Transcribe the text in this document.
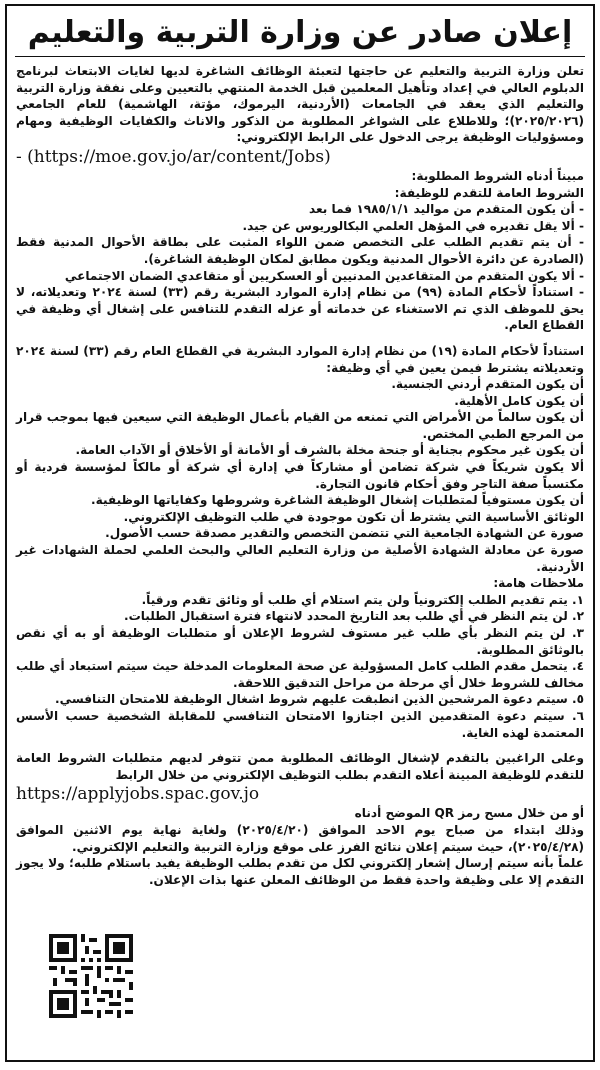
إعلان صادر عن وزارة التربية والتعليم

تعلن وزارة التربية والتعليم عن حاجتها لتعبئة الوظائف الشاغرة لديها لغايات الابتعاث لبرنامج الدبلوم العالي في إعداد وتأهيل المعلمين قبل الخدمة المنتهي بالتعيين وعلى نفقة وزارة التربية والتعليم الذي يعقد في الجامعات (الأردنية، اليرموك، مؤتة، الهاشمية) للعام الجامعي (٢٠٢٥/٢٠٢٦)؛ وللاطلاع على الشواغر المطلوبة من الذكور والاناث والكفايات الوظيفية ومهام ومسؤوليات الوظيفة يرجى الدخول على الرابط الإلكتروني:

- (https://moe.gov.jo/ar/content/Jobs)

مبيناً أدناه الشروط المطلوبة:

الشروط العامة للتقدم للوظيفة:

- أن يكون المتقدم من مواليد ١٩٨٥/١/١ فما بعد

- ألا يقل تقديره في المؤهل العلمي البكالوريوس عن جيد.

- أن يتم تقديم الطلب على التخصص ضمن اللواء المثبت على بطاقة الأحوال المدنية فقط (الصادرة عن دائرة الأحوال المدنية ويكون مطابق لمكان الوظيفة الشاغرة).

- ألا يكون المتقدم من المتقاعدين المدنيين أو العسكريين أو متقاعدي الضمان الاجتماعي

- استناداً لأحكام المادة (٩٩) من نظام إدارة الموارد البشرية رقم (٣٣) لسنة ٢٠٢٤ وتعديلاته، لا يحق للموظف الذي تم الاستغناء عن خدماته أو عزله التقدم للتنافس على إشغال أي وظيفة في القطاع العام.

استناداً لأحكام المادة (١٩) من نظام إدارة الموارد البشرية في القطاع العام رقم (٣٣) لسنة ٢٠٢٤ وتعديلاته يشترط فيمن يعين في أي وظيفة:

أن يكون المتقدم أردني الجنسية.

أن يكون كامل الأهلية.

أن يكون سالماً من الأمراض التي تمنعه من القيام بأعمال الوظيفة التي سيعين فيها بموجب قرار من المرجع الطبي المختص.

أن يكون غير محكوم بجناية أو جنحة مخلة بالشرف أو الأمانة أو الأخلاق أو الآداب العامة.

ألا يكون شريكاً في شركة تضامن أو مشاركاً في إدارة أي شركة أو مالكاً لمؤسسة فردية أو مكتسباً صفة التاجر وفق أحكام قانون التجارة.

أن يكون مستوفياً لمتطلبات إشغال الوظيفة الشاغرة وشروطها وكفاياتها الوظيفية.

الوثائق الأساسية التي يشترط أن تكون موجودة في طلب التوظيف الإلكتروني.

صورة عن الشهادة الجامعية التي تتضمن التخصص والتقدير مصدقة حسب الأصول.

صورة عن معادلة الشهادة الأصلية من وزارة التعليم العالي والبحث العلمي لحملة الشهادات غير الأردنية.

ملاحظات هامة:

١. يتم تقديم الطلب إلكترونياً ولن يتم استلام أي طلب أو وثائق تقدم ورقياً.

٢. لن يتم النظر في أي طلب بعد التاريخ المحدد لانتهاء فترة استقبال الطلبات.

٣. لن يتم النظر بأي طلب غير مستوف لشروط الإعلان أو متطلبات الوظيفة أو به أي نقص بالوثائق المطلوبة.

٤. يتحمل مقدم الطلب كامل المسؤولية عن صحة المعلومات المدخلة حيث سيتم استبعاد أي طلب مخالف للشروط خلال أي مرحلة من مراحل التدقيق اللاحقة.

٥. سيتم دعوة المرشحين الذين انطبقت عليهم شروط اشغال الوظيفة للامتحان التنافسي.

٦. سيتم دعوة المتقدمين الذين اجتازوا الامتحان التنافسي للمقابلة الشخصية حسب الأسس المعتمدة لهذه الغاية.

وعلى الراغبين بالتقدم لإشغال الوظائف المطلوبة ممن تتوفر لديهم متطلبات الشروط العامة للتقدم للوظيفة المبينة أعلاه التقدم بطلب التوظيف الإلكتروني من خلال الرابط

https://applyjobs.spac.gov.jo

أو من خلال مسح رمز QR الموضح أدناه

وذلك ابتداء من صباح يوم الاحد الموافق (٢٠٢٥/٤/٢٠) ولغاية نهاية يوم الاثنين الموافق (٢٠٢٥/٤/٢٨)، حيث سيتم إعلان نتائج الفرز على موقع وزارة التربية والتعليم الإلكتروني.

علماً بأنه سيتم إرسال إشعار إلكتروني لكل من تقدم بطلب الوظيفة يفيد باستلام طلبه؛ ولا يجوز التقدم إلا على وظيفة واحدة فقط من الوظائف المعلن عنها بذات الإعلان.
